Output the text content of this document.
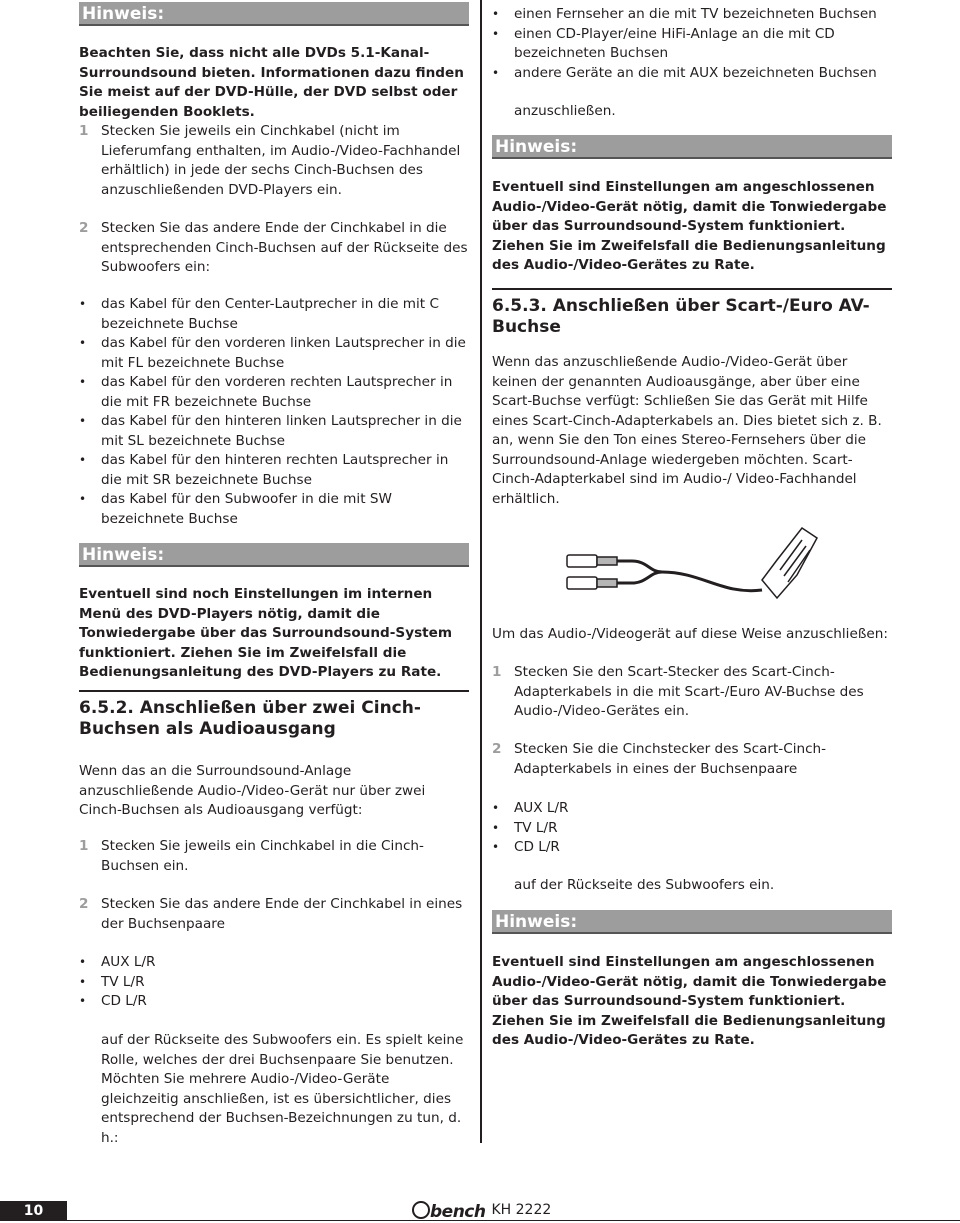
Hinweis:
Beachten Sie, dass nicht alle DVDs 5.1-Kanal-Surroundsound bieten. Informationen dazu finden Sie meist auf der DVD-Hülle, der DVD selbst oder beiliegenden Booklets.
1 Stecken Sie jeweils ein Cinchkabel (nicht im Lieferumfang enthalten, im Audio-/Video-Fachhandel erhältlich) in jede der sechs Cinch-Buchsen des anzuschließenden DVD-Players ein.
2 Stecken Sie das andere Ende der Cinchkabel in die entsprechenden Cinch-Buchsen auf der Rückseite des Subwoofers ein:
• das Kabel für den Center-Lautprecher in die mit C bezeichnete Buchse
• das Kabel für den vorderen linken Lautsprecher in die mit FL bezeichnete Buchse
• das Kabel für den vorderen rechten Lautsprecher in die mit FR bezeichnete Buchse
• das Kabel für den hinteren linken Lautsprecher in die mit SL bezeichnete Buchse
• das Kabel für den hinteren rechten Lautsprecher in die mit SR bezeichnete Buchse
• das Kabel für den Subwoofer in die mit SW bezeichnete Buchse
Hinweis:
Eventuell sind noch Einstellungen im internen Menü des DVD-Players nötig, damit die Tonwiedergabe über das Surroundsound-System funktioniert. Ziehen Sie im Zweifelsfall die Bedienungsanleitung des DVD-Players zu Rate.
6.5.2. Anschließen über zwei Cinch-Buchsen als Audioausgang
Wenn das an die Surroundsound-Anlage anzuschließende Audio-/Video-Gerät nur über zwei Cinch-Buchsen als Audioausgang verfügt:
1 Stecken Sie jeweils ein Cinchkabel in die Cinch-Buchsen ein.
2 Stecken Sie das andere Ende der Cinchkabel in eines der Buchsenpaare
• AUX L/R
• TV L/R
• CD L/R
auf der Rückseite des Subwoofers ein. Es spielt keine Rolle, welches der drei Buchsenpaare Sie benutzen. Möchten Sie mehrere Audio-/Video-Geräte gleichzeitig anschließen, ist es übersichtlicher, dies entsprechend der Buchsen-Bezeichnungen zu tun, d. h.:
• einen Fernseher an die mit TV bezeichneten Buchsen
• einen CD-Player/eine HiFi-Anlage an die mit CD bezeichneten Buchsen
• andere Geräte an die mit AUX bezeichneten Buchsen
anzuschließen.
Hinweis:
Eventuell sind Einstellungen am angeschlossenen Audio-/Video-Gerät nötig, damit die Tonwiedergabe über das Surroundsound-System funktioniert. Ziehen Sie im Zweifelsfall die Bedienungsanleitung des Audio-/Video-Gerätes zu Rate.
6.5.3. Anschließen über Scart-/Euro AV-Buchse
Wenn das anzuschließende Audio-/Video-Gerät über keinen der genannten Audioausgänge, aber über eine Scart-Buchse verfügt: Schließen Sie das Gerät mit Hilfe eines Scart-Cinch-Adapterkabels an. Dies bietet sich z. B. an, wenn Sie den Ton eines Stereo-Fernsehers über die Surroundsound-Anlage wiedergeben möchten. Scart-Cinch-Adapterkabel sind im Audio-/ Video-Fachhandel erhältlich.
Um das Audio-/Videogerät auf diese Weise anzuschließen:
1 Stecken Sie den Scart-Stecker des Scart-Cinch-Adapterkabels in die mit Scart-/Euro AV-Buchse des Audio-/Video-Gerätes ein.
2 Stecken Sie die Cinchstecker des Scart-Cinch-Adapterkabels in eines der Buchsenpaare
• AUX L/R
• TV L/R
• CD L/R
auf der Rückseite des Subwoofers ein.
Hinweis:
Eventuell sind Einstellungen am angeschlossenen Audio-/Video-Gerät nötig, damit die Tonwiedergabe über das Surroundsound-System funktioniert. Ziehen Sie im Zweifelsfall die Bedienungsanleitung des Audio-/Video-Gerätes zu Rate.
10	bench KH 2222
